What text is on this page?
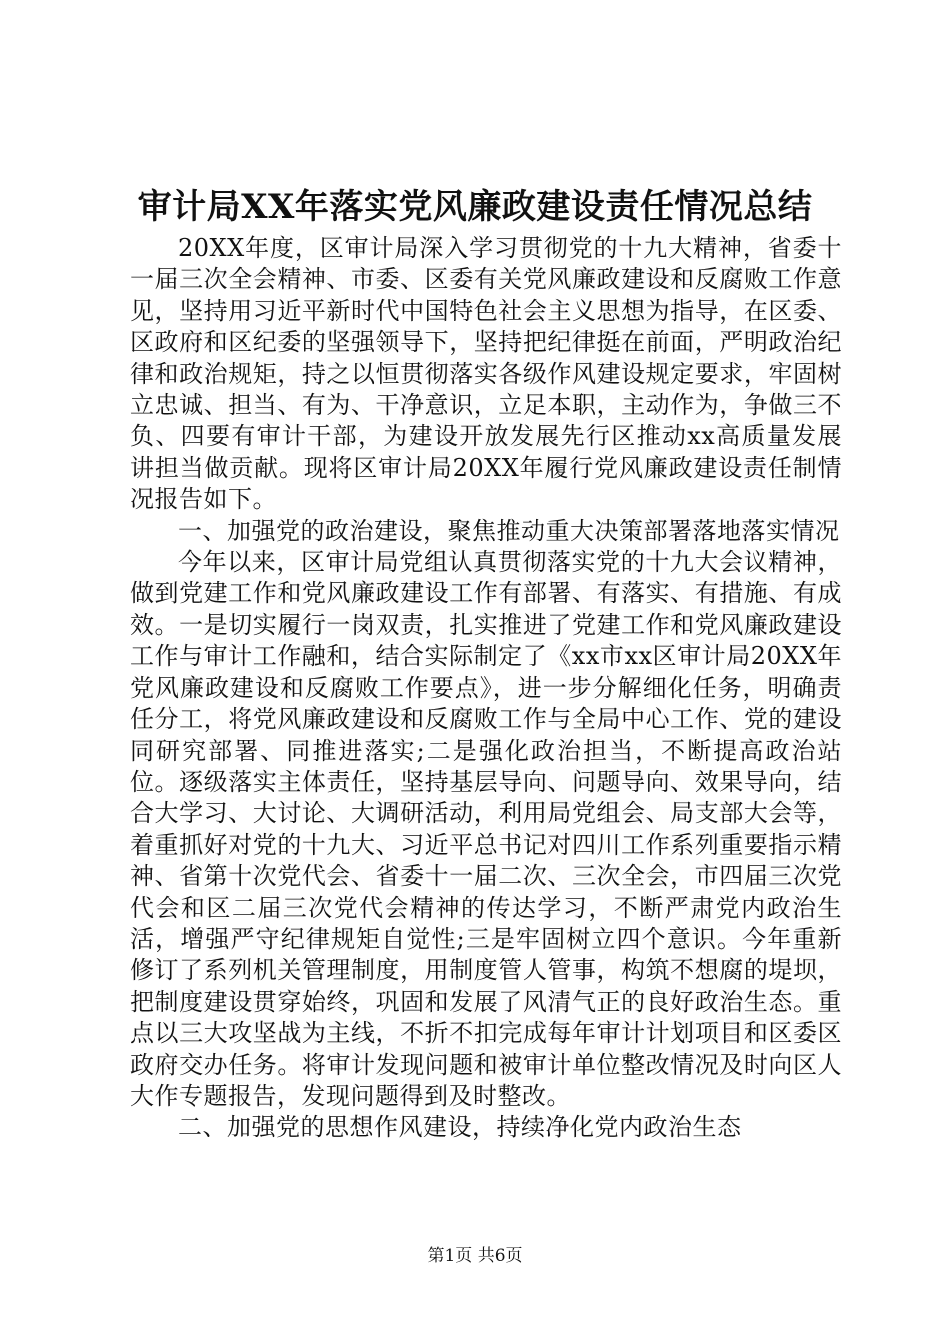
审计局XX年落实党风廉政建设责任情况总结

20XX年度，区审计局深入学习贯彻党的十九大精神，省委十一届三次全会精神、市委、区委有关党风廉政建设和反腐败工作意见，坚持用习近平新时代中国特色社会主义思想为指导，在区委、区政府和区纪委的坚强领导下，坚持把纪律挺在前面，严明政治纪律和政治规矩，持之以恒贯彻落实各级作风建设规定要求，牢固树立忠诚、担当、有为、干净意识，立足本职，主动作为，争做三不负、四要有审计干部，为建设开放发展先行区推动xx高质量发展讲担当做贡献。现将区审计局20XX年履行党风廉政建设责任制情况报告如下。

一、加强党的政治建设，聚焦推动重大决策部署落地落实情况

今年以来，区审计局党组认真贯彻落实党的十九大会议精神，做到党建工作和党风廉政建设工作有部署、有落实、有措施、有成效。一是切实履行一岗双责，扎实推进了党建工作和党风廉政建设工作与审计工作融和，结合实际制定了《xx市xx区审计局20XX年党风廉政建设和反腐败工作要点》，进一步分解细化任务，明确责任分工，将党风廉政建设和反腐败工作与全局中心工作、党的建设同研究部署、同推进落实;二是强化政治担当，不断提高政治站位。逐级落实主体责任，坚持基层导向、问题导向、效果导向，结合大学习、大讨论、大调研活动，利用局党组会、局支部大会等，着重抓好对党的十九大、习近平总书记对四川工作系列重要指示精神、省第十次党代会、省委十一届二次、三次全会，市四届三次党代会和区二届三次党代会精神的传达学习，不断严肃党内政治生活，增强严守纪律规矩自觉性;三是牢固树立四个意识。今年重新修订了系列机关管理制度，用制度管人管事，构筑不想腐的堤坝，把制度建设贯穿始终，巩固和发展了风清气正的良好政治生态。重点以三大攻坚战为主线，不折不扣完成每年审计计划项目和区委区政府交办任务。将审计发现问题和被审计单位整改情况及时向区人大作专题报告，发现问题得到及时整改。

二、加强党的思想作风建设，持续净化党内政治生态

第1页 共6页
